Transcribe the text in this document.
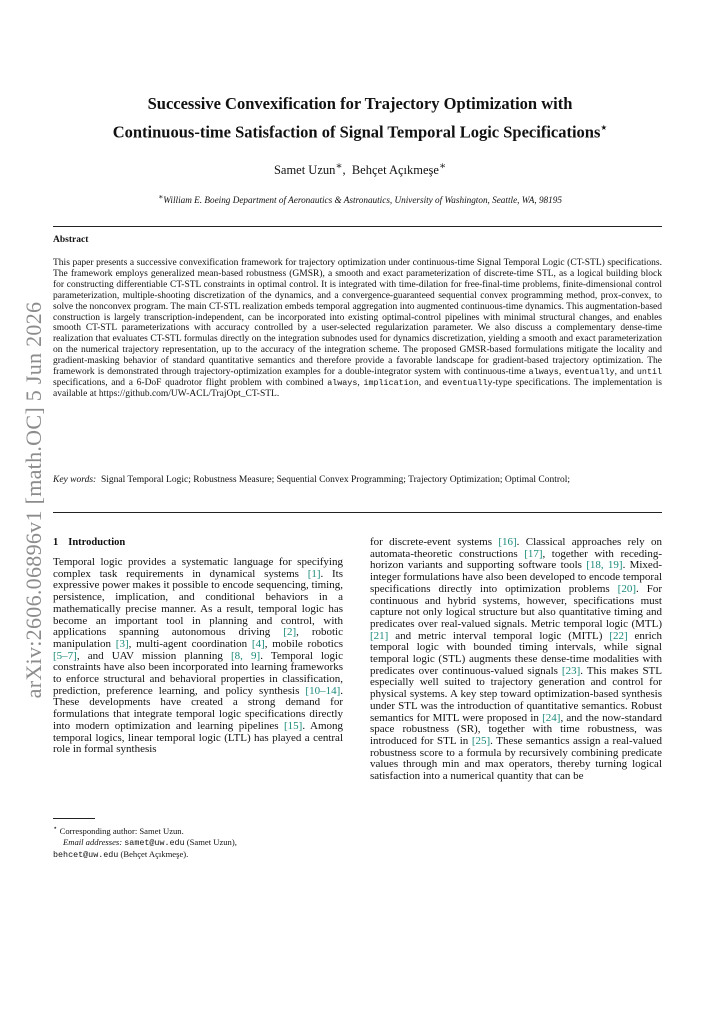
arXiv:2606.06896v1 [math.OC] 5 Jun 2026
Successive Convexification for Trajectory Optimization with
Continuous-time Satisfaction of Signal Temporal Logic Specifications⋆
Samet Uzun∗,  Behçet Açıkmeşe∗
∗William E. Boeing Department of Aeronautics & Astronautics, University of Washington, Seattle, WA, 98195
Abstract
This paper presents a successive convexification framework for trajectory optimization under continuous-time Signal Temporal Logic (CT-STL) specifications. The framework employs generalized mean-based robustness (GMSR), a smooth and exact parameterization of discrete-time STL, as a logical building block for constructing differentiable CT-STL constraints in optimal control. It is integrated with time-dilation for free-final-time problems, finite-dimensional control parameterization, multiple-shooting discretization of the dynamics, and a convergence-guaranteed sequential convex programming method, prox-convex, to solve the nonconvex program. The main CT-STL realization embeds temporal aggregation into augmented continuous-time dynamics. This augmentation-based construction is largely transcription-independent, can be incorporated into existing optimal-control pipelines with minimal structural changes, and enables smooth CT-STL parameterizations with accuracy controlled by a user-selected regularization parameter. We also discuss a complementary dense-time realization that evaluates CT-STL formulas directly on the integration subnodes used for dynamics discretization, yielding a smooth and exact parameterization on the numerical trajectory representation, up to the accuracy of the integration scheme. The proposed GMSR-based formulations mitigate the locality and gradient-masking behavior of standard quantitative semantics and therefore provide a favorable landscape for gradient-based trajectory optimization. The framework is demonstrated through trajectory-optimization examples for a double-integrator system with continuous-time always, eventually, and until specifications, and a 6-DoF quadrotor flight problem with combined always, implication, and eventually-type specifications. The implementation is available at https://github.com/UW-ACL/TrajOpt_CT-STL.
Key words: Signal Temporal Logic; Robustness Measure; Sequential Convex Programming; Trajectory Optimization; Optimal Control;
1 Introduction
Temporal logic provides a systematic language for specifying complex task requirements in dynamical systems [1]. Its expressive power makes it possible to encode sequencing, timing, persistence, implication, and conditional behaviors in a mathematically precise manner. As a result, temporal logic has become an important tool in planning and control, with applications spanning autonomous driving [2], robotic manipulation [3], multi-agent coordination [4], mobile robotics [5–7], and UAV mission planning [8, 9]. Temporal logic constraints have also been incorporated into learning frameworks to enforce structural and behavioral properties in classification, prediction, preference learning, and policy synthesis [10–14]. These developments have created a strong demand for formulations that integrate temporal logic specifications directly into modern optimization and learning pipelines [15]. Among temporal logics, linear temporal logic (LTL) has played a central role in formal synthesis
for discrete-event systems [16]. Classical approaches rely on automata-theoretic constructions [17], together with receding-horizon variants and supporting software tools [18, 19]. Mixed-integer formulations have also been developed to encode temporal specifications directly into optimization problems [20]. For continuous and hybrid systems, however, specifications must capture not only logical structure but also quantitative timing and predicates over real-valued signals. Metric temporal logic (MTL) [21] and metric interval temporal logic (MITL) [22] enrich temporal logic with bounded timing intervals, while signal temporal logic (STL) augments these dense-time modalities with predicates over continuous-valued signals [23]. This makes STL especially well suited to trajectory generation and control for physical systems. A key step toward optimization-based synthesis under STL was the introduction of quantitative semantics. Robust semantics for MITL were proposed in [24], and the now-standard space robustness (SR), together with time robustness, was introduced for STL in [25]. These semantics assign a real-valued robustness score to a formula by recursively combining predicate values through min and max operators, thereby turning logical satisfaction into a numerical quantity that can be
⋆ Corresponding author: Samet Uzun.
Email addresses: samet@uw.edu (Samet Uzun),
behcet@uw.edu (Behçet Açıkmeşe).
